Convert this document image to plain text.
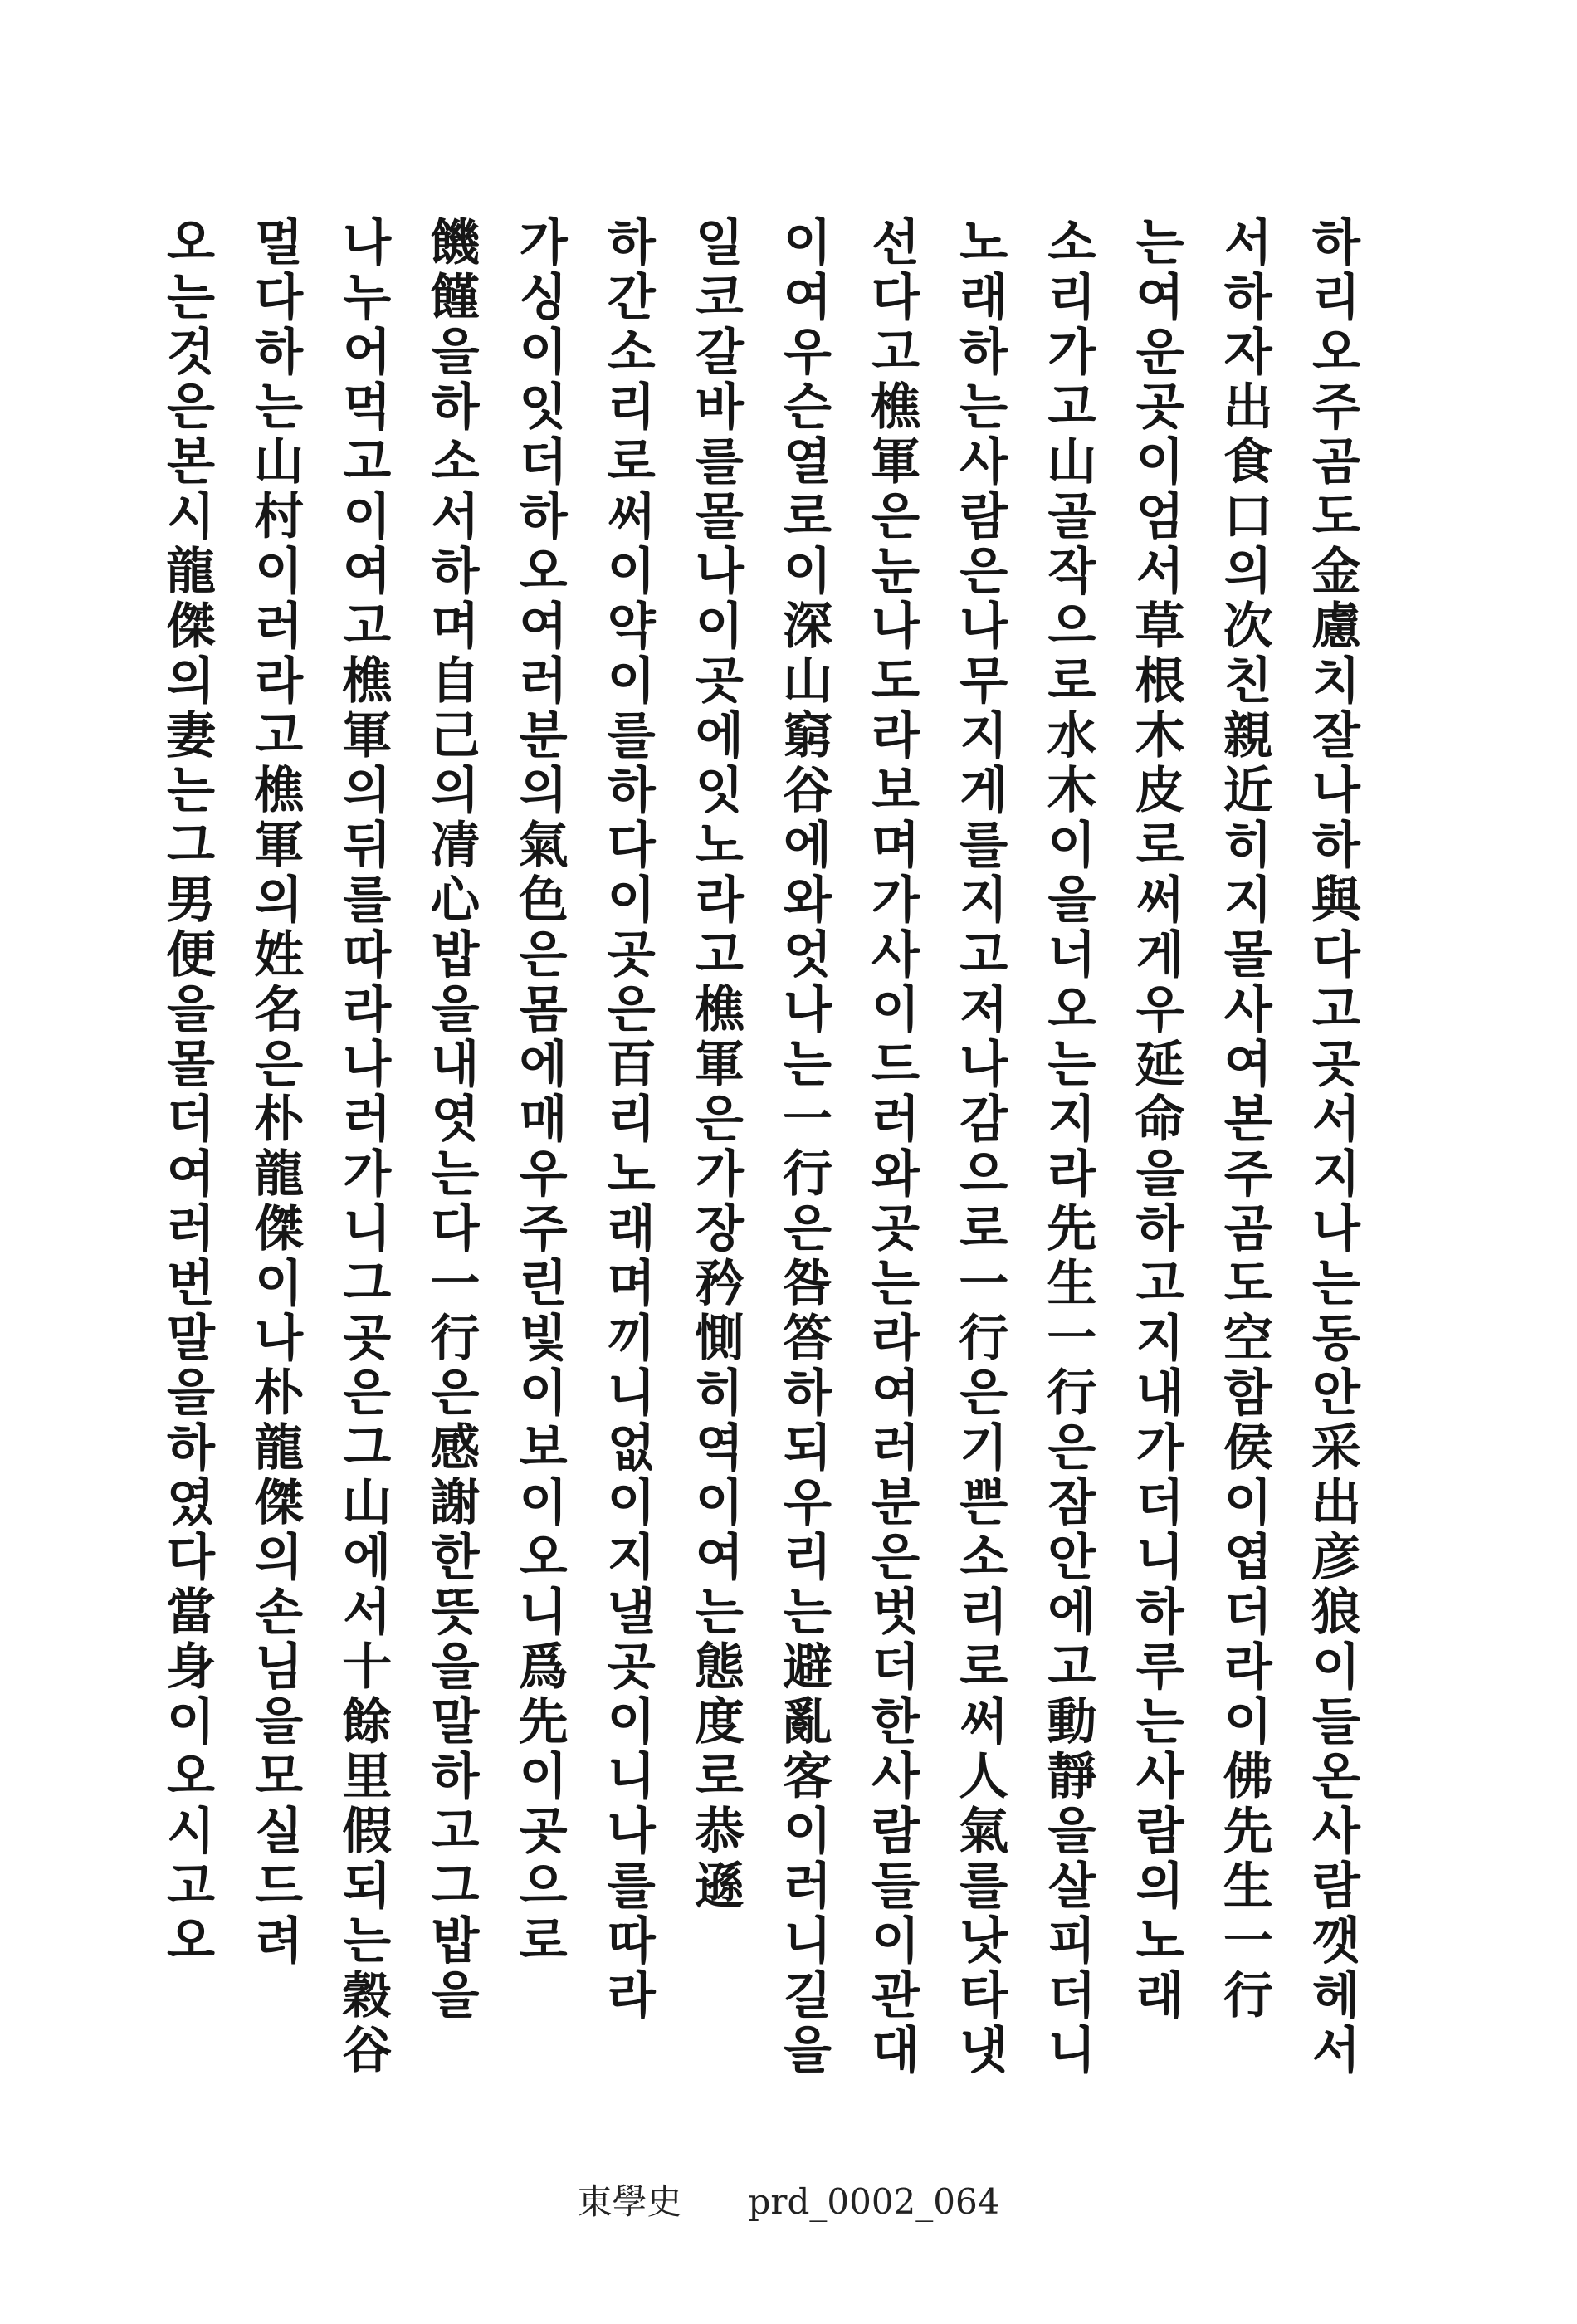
하리오주곰도金慮치잘나하與다고곳서지나는동안采出彦狼이들온사람깻헤서
서하자出食口의次친親近히지몰사여본주곰도空함侯이엽더라이佛先生一行
는여운곳이엄서草根木皮로써게우延命을하고지내가더니하루는사람의노래
소리가고山골작으로水木이을너오는지라先生一行은잠안에고動靜을살피더니
노래하는사람은나무지게를지고저나감으로一行은기쁜소리로써人氣를낫타냇
선다고樵軍은눈나도라보며가사이드러와곳는라여러분은벗더한사람들이관대
이여우슨열로이深山窮谷에와엇나는一行은咎答하되우리는避亂客이러니길을
일코갈바를몰나이곳에잇노라고樵軍은가장矜惻히역이여는態度로恭遜
하간소리로써이약이를하다이곳은百리노래며끼니없이지낼곳이니나를따라
가싱이잇더하오여러분의氣色은몸에매우주린빛이보이오니爲先이곳으로
饑饉을하소서하며自己의凊心밥을내엿는다一行은感謝한뜻을말하고그밥을
나누어먹고이여고樵軍의뒤를따라나러가니그곳은그山에서十餘里假되는穀谷
멀다하는山村이러라고樵軍의姓名은朴龍傑이나朴龍傑의손님을모실드려
오는것은본시龍傑의妻는그男便을몰더여러번말을하였다當身이오시고오
東學史 prd_0002_064
